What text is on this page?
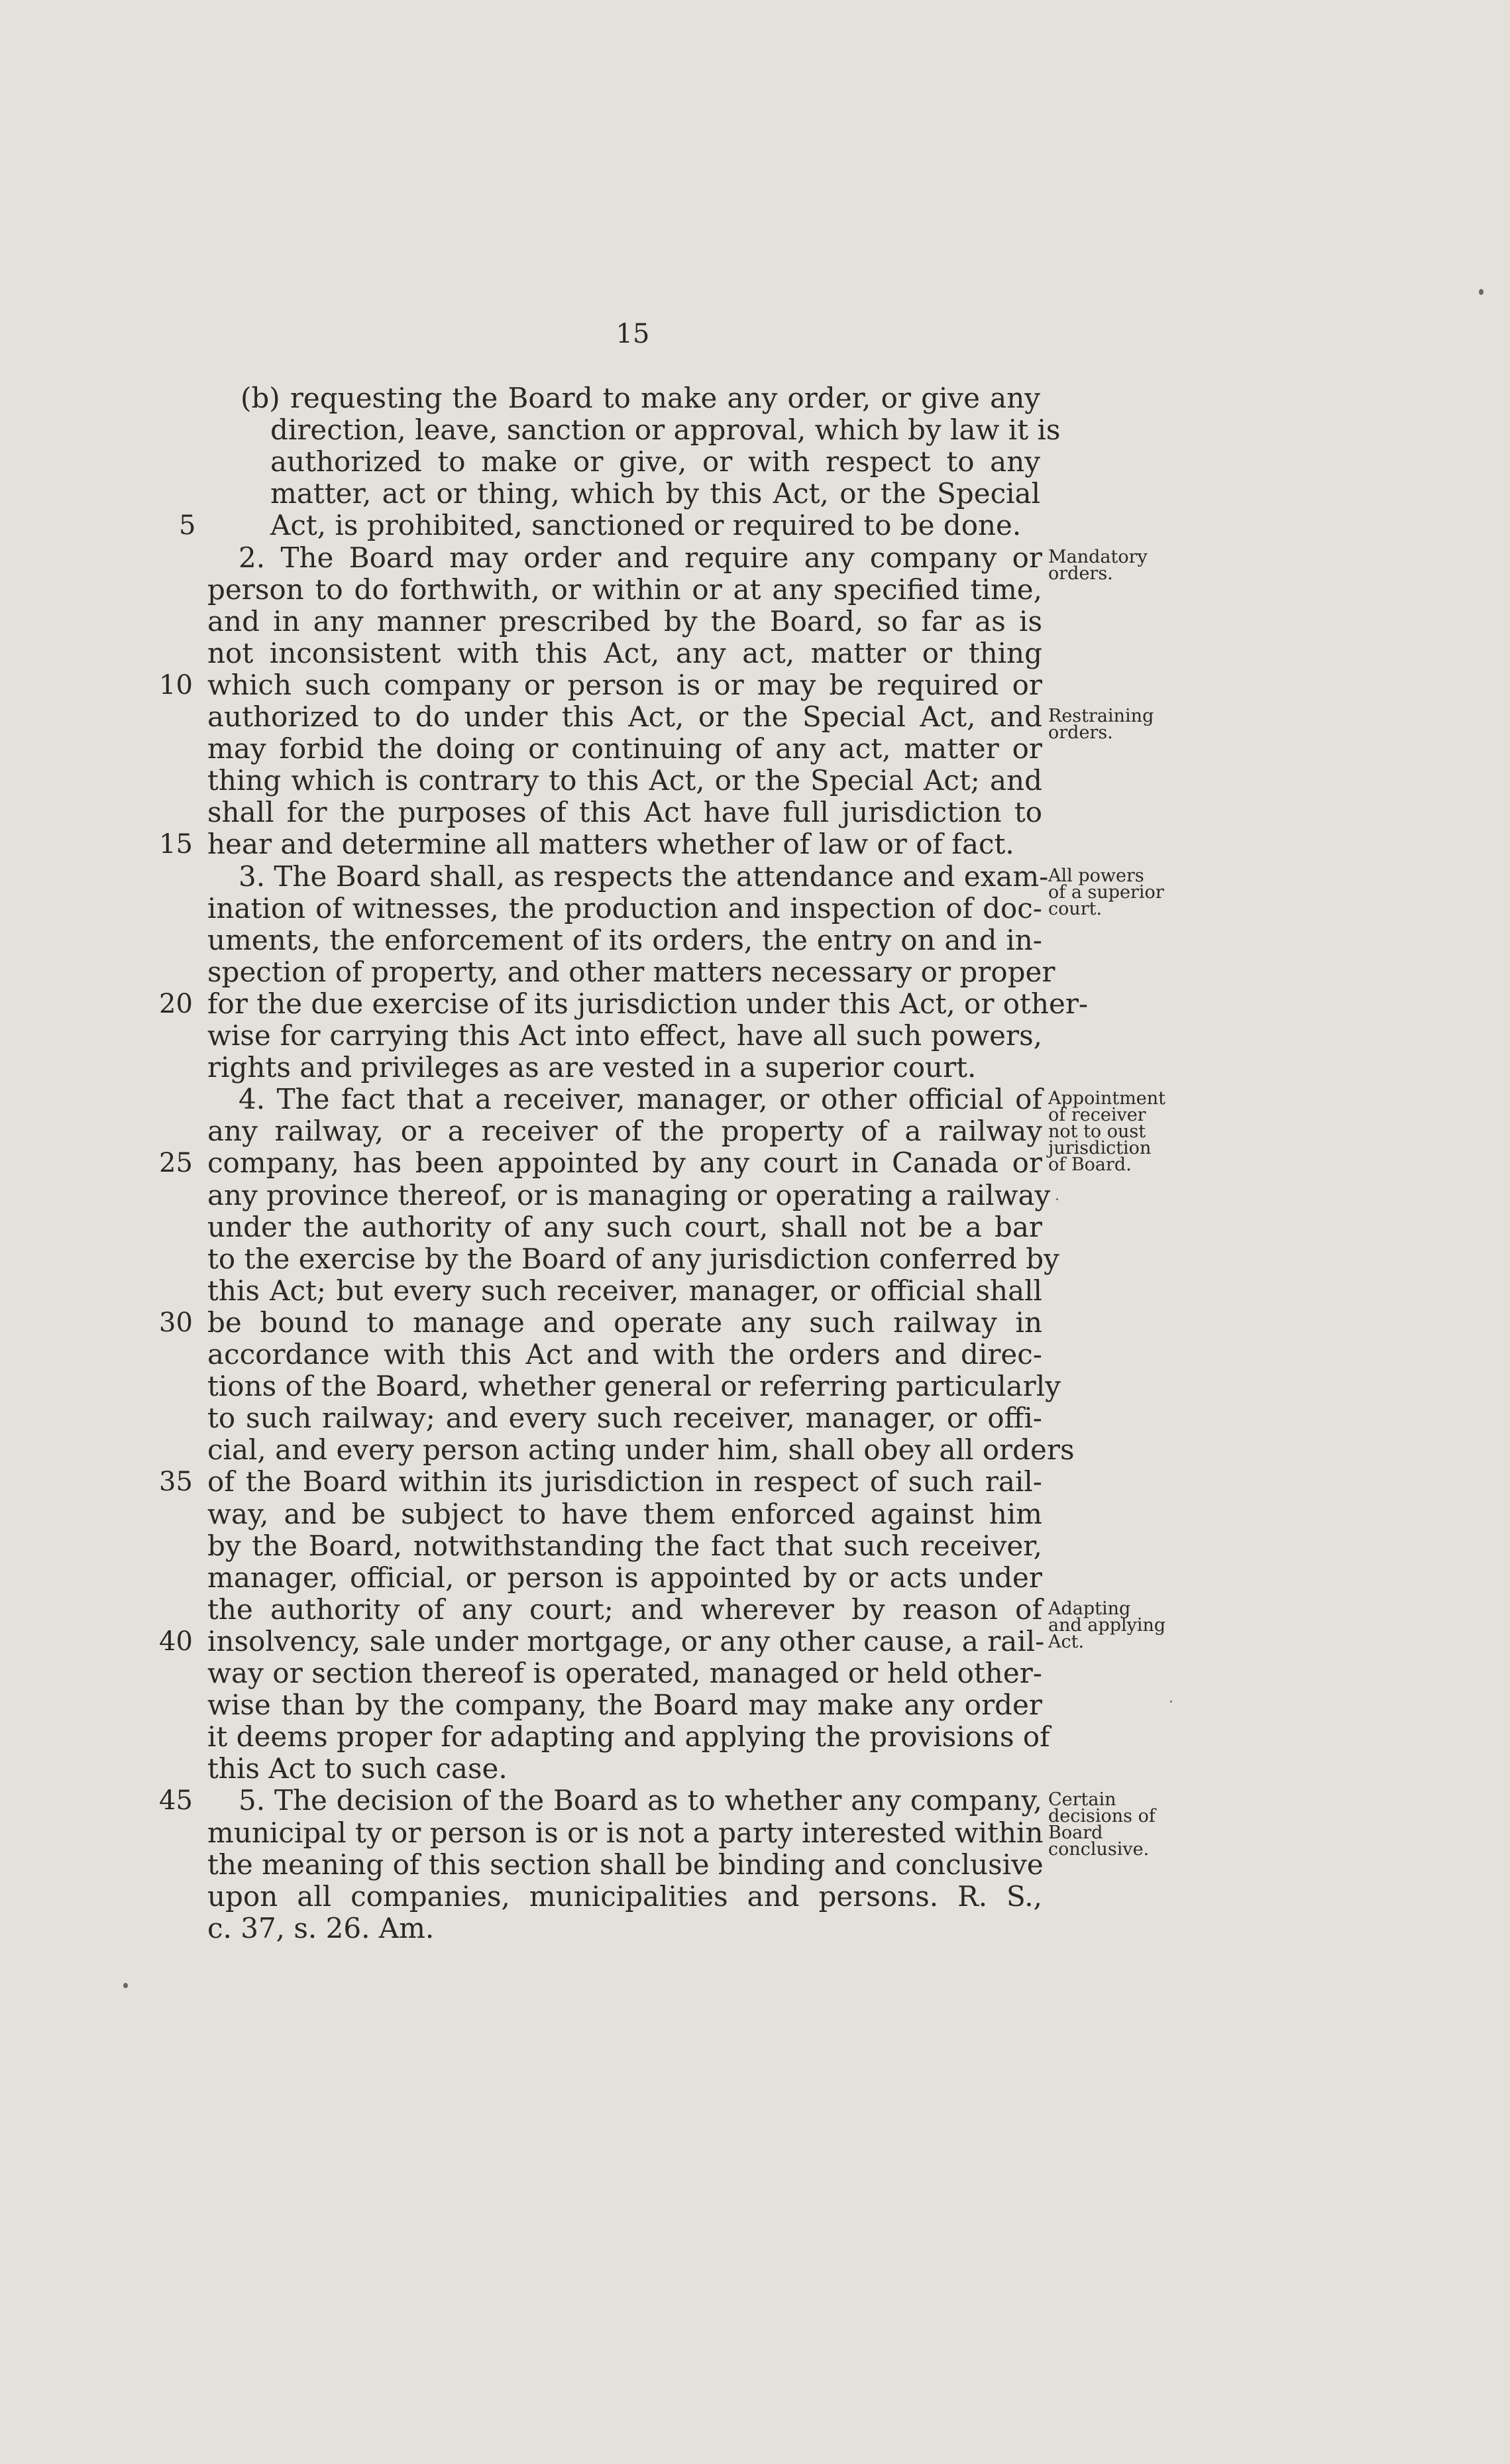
15
(b) requesting the Board to make any order, or give any
direction, leave, sanction or approval, which by law it is
authorized to make or give, or with respect to any
matter, act or thing, which by this Act, or the Special
Act, is prohibited, sanctioned or required to be done.
5
2. The Board may order and require any company or
person to do forthwith, or within or at any specified time,
and in any manner prescribed by the Board, so far as is
not inconsistent with this Act, any act, matter or thing
which such company or person is or may be required or
10
authorized to do under this Act, or the Special Act, and
may forbid the doing or continuing of any act, matter or
thing which is contrary to this Act, or the Special Act; and
shall for the purposes of this Act have full jurisdiction to
hear and determine all matters whether of law or of fact.
15
3. The Board shall, as respects the attendance and exam-
ination of witnesses, the production and inspection of doc-
uments, the enforcement of its orders, the entry on and in-
spection of property, and other matters necessary or proper
for the due exercise of its jurisdiction under this Act, or other-
20
wise for carrying this Act into effect, have all such powers,
rights and privileges as are vested in a superior court.
4. The fact that a receiver, manager, or other official of
any railway, or a receiver of the property of a railway
company, has been appointed by any court in Canada or
25
any province thereof, or is managing or operating a railway
under the authority of any such court, shall not be a bar
to the exercise by the Board of any jurisdiction conferred by
this Act; but every such receiver, manager, or official shall
be bound to manage and operate any such railway in
30
accordance with this Act and with the orders and direc-
tions of the Board, whether general or referring particularly
to such railway; and every such receiver, manager, or offi-
cial, and every person acting under him, shall obey all orders
of the Board within its jurisdiction in respect of such rail-
35
way, and be subject to have them enforced against him
by the Board, notwithstanding the fact that such receiver,
manager, official, or person is appointed by or acts under
the authority of any court; and wherever by reason of
insolvency, sale under mortgage, or any other cause, a rail-
40
way or section thereof is operated, managed or held other-
wise than by the company, the Board may make any order
it deems proper for adapting and applying the provisions of
this Act to such case.
5. The decision of the Board as to whether any company,
45
municipal ty or person is or is not a party interested within
the meaning of this section shall be binding and conclusive
upon all companies, municipalities and persons. R. S.,
c. 37, s. 26. Am.
Mandatory
orders.
Restraining
orders.
All powers
of a superior
court.
Appointment
of receiver
not to oust
jurisdiction
of Board.
Adapting
and applying
Act.
Certain
decisions of
Board
conclusive.
